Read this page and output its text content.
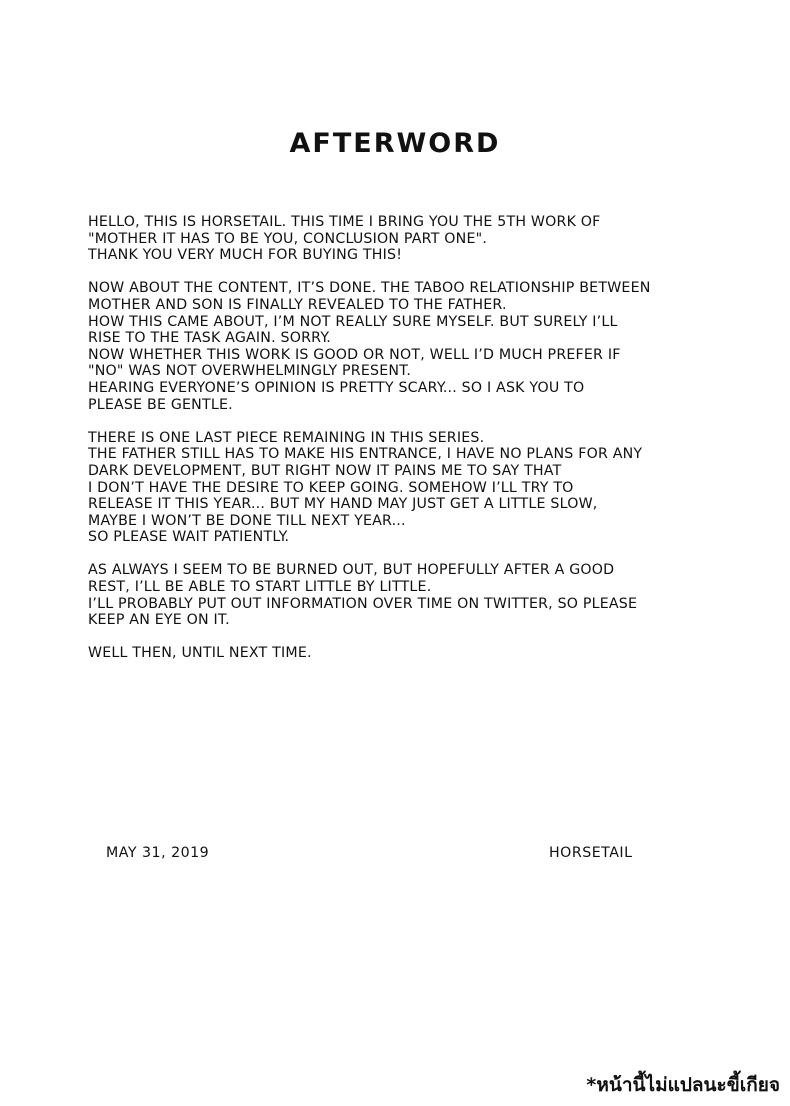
AFTERWORD
HELLO, THIS IS HORSETAIL. THIS TIME I BRING YOU THE 5TH WORK OF
"MOTHER IT HAS TO BE YOU, CONCLUSION PART ONE".
THANK YOU VERY MUCH FOR BUYING THIS!
NOW ABOUT THE CONTENT, IT’S DONE. THE TABOO RELATIONSHIP BETWEEN
MOTHER AND SON IS FINALLY REVEALED TO THE FATHER.
HOW THIS CAME ABOUT, I’M NOT REALLY SURE MYSELF. BUT SURELY I’LL
RISE TO THE TASK AGAIN. SORRY.
NOW WHETHER THIS WORK IS GOOD OR NOT, WELL I’D MUCH PREFER IF
"NO" WAS NOT OVERWHELMINGLY PRESENT.
HEARING EVERYONE’S OPINION IS PRETTY SCARY... SO I ASK YOU TO
PLEASE BE GENTLE.
THERE IS ONE LAST PIECE REMAINING IN THIS SERIES.
THE FATHER STILL HAS TO MAKE HIS ENTRANCE, I HAVE NO PLANS FOR ANY
DARK DEVELOPMENT, BUT RIGHT NOW IT PAINS ME TO SAY THAT
I DON’T HAVE THE DESIRE TO KEEP GOING. SOMEHOW I’LL TRY TO
RELEASE IT THIS YEAR... BUT MY HAND MAY JUST GET A LITTLE SLOW,
MAYBE I WON’T BE DONE TILL NEXT YEAR...
SO PLEASE WAIT PATIENTLY.
AS ALWAYS I SEEM TO BE BURNED OUT, BUT HOPEFULLY AFTER A GOOD
REST, I’LL BE ABLE TO START LITTLE BY LITTLE.
I’LL PROBABLY PUT OUT INFORMATION OVER TIME ON TWITTER, SO PLEASE
KEEP AN EYE ON IT.
WELL THEN, UNTIL NEXT TIME.
MAY 31, 2019	HORSETAIL
*หน้านี้ไม่แปลนะขี้เกียจ
